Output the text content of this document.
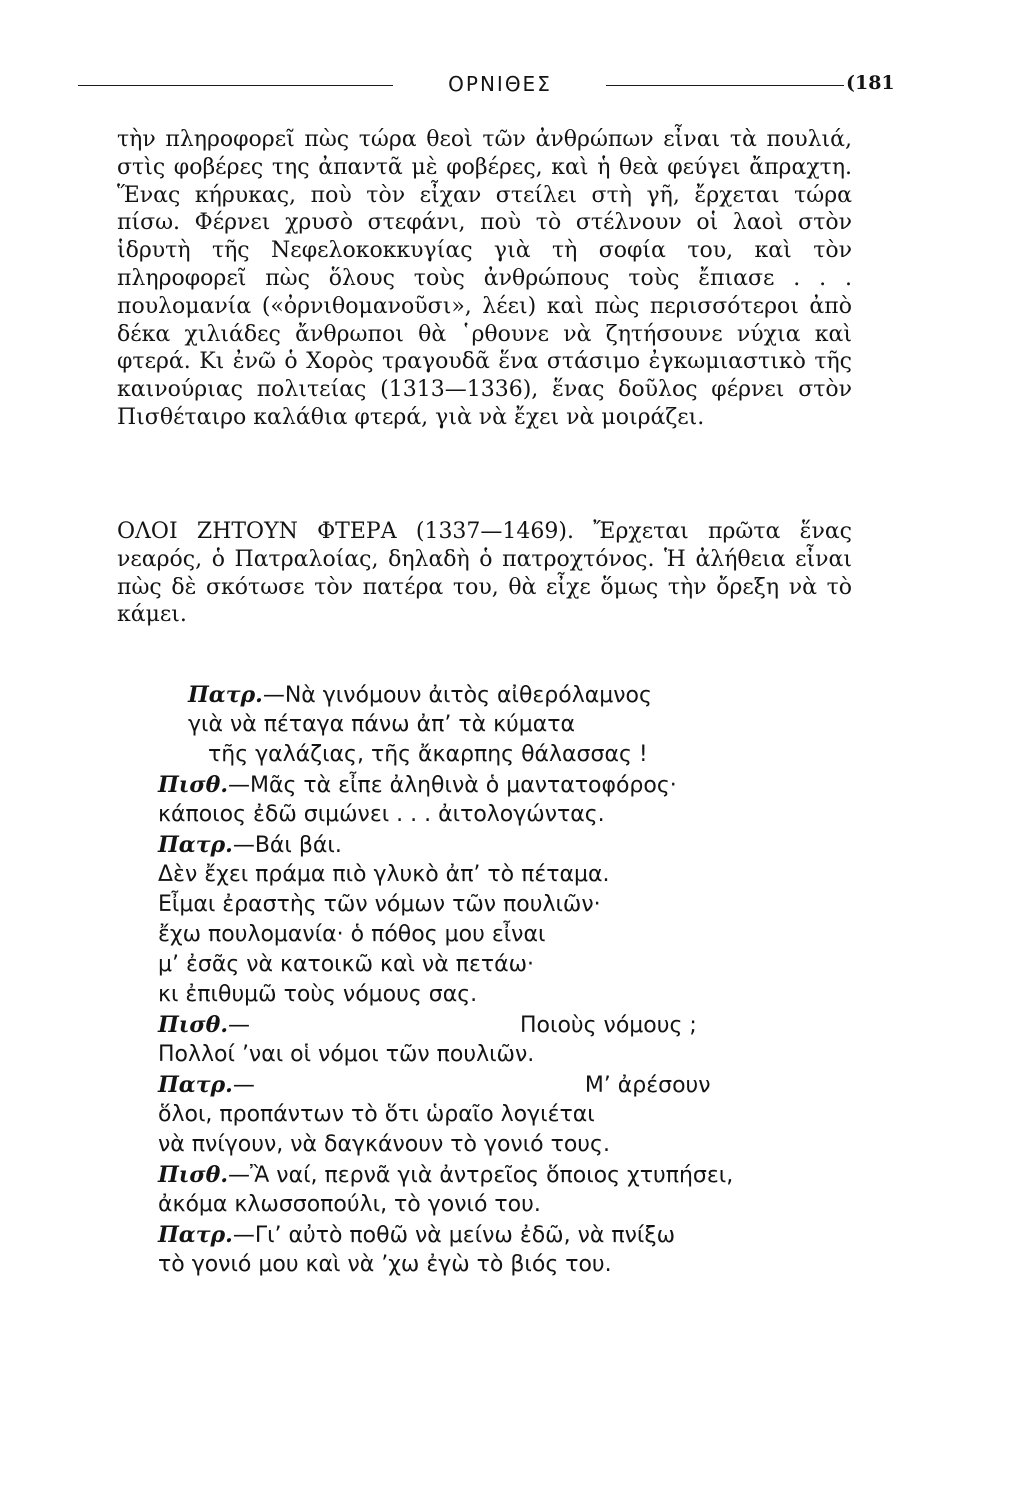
ΟΡΝΙΘΕΣ	(181

τὴν πληροφορεῖ πὼς τώρα θεοὶ τῶν ἀνθρώπων εἶναι τὰ πουλιά, στὶς φοβέρες της ἀπαντᾶ μὲ φοβέρες, καὶ ἡ θεὰ φεύγει ἄπραχτη. Ἕνας κήρυκας, ποὺ τὸν εἶχαν στείλει στὴ γῆ, ἔρχεται τώρα πίσω. Φέρνει χρυσὸ στεφάνι, ποὺ τὸ στέλνουν οἱ λαοὶ στὸν ἱδρυτὴ τῆς Νεφελοκοκκυγίας γιὰ τὴ σοφία του, καὶ τὸν πληροφορεῖ πὼς ὅλους τοὺς ἀνθρώπους τοὺς ἔπιασε . . . πουλομανία («ὀρνιθομανοῦσι», λέει) καὶ πὼς περισσότεροι ἀπὸ δέκα χιλιάδες ἄνθρωποι θὰ ῾ρθουνε νὰ ζητήσουνε νύχια καὶ φτερά. Κι ἐνῶ ὁ Χορὸς τραγουδᾶ ἕνα στάσιμο ἐγκωμιαστικὸ τῆς καινούριας πολιτείας (1313—1336), ἕνας δοῦλος φέρνει στὸν Πισθέταιρο καλάθια φτερά, γιὰ νὰ ἔχει νὰ μοιράζει.

ΟΛΟΙ ΖΗΤΟΥΝ ΦΤΕΡΑ (1337—1469). Ἔρχεται πρῶτα ἕνας νεαρός, ὁ Πατραλοίας, δηλαδὴ ὁ πατροχτόνος. Ἡ ἀλήθεια εἶναι πὼς δὲ σκότωσε τὸν πατέρα του, θὰ εἶχε ὅμως τὴν ὄρεξη νὰ τὸ κάμει.

Πατρ.—Νὰ γινόμουν ἀιτὸς αἰθερόλαμνος
γιὰ νὰ πέταγα πάνω ἀπ’ τὰ κύματα
τῆς γαλάζιας, τῆς ἄκαρπης θάλασσας !
Πισθ.—Μᾶς τὰ εἶπε ἀληθινὰ ὁ μαντατοφόρος·
κάποιος ἐδῶ σιμώνει . . . ἀιτολογώντας.
Πατρ.—Βάι βάι.
Δὲν ἔχει πράμα πιὸ γλυκὸ ἀπ’ τὸ πέταμα.
Εἶμαι ἐραστὴς τῶν νόμων τῶν πουλιῶν·
ἔχω πουλομανία· ὁ πόθος μου εἶναι
μ’ ἐσᾶς νὰ κατοικῶ καὶ νὰ πετάω·
κι ἐπιθυμῶ τοὺς νόμους σας.
Πισθ.—	Ποιοὺς νόμους ;
Πολλοί ’ναι οἱ νόμοι τῶν πουλιῶν.
Πατρ.—	Μ’ ἀρέσουν
ὅλοι, προπάντων τὸ ὅτι ὡραῖο λογιέται
νὰ πνίγουν, νὰ δαγκάνουν τὸ γονιό τους.
Πισθ.—Ἂ ναί, περνᾶ γιὰ ἀντρεῖος ὅποιος χτυπήσει,
ἀκόμα κλωσσοπούλι, τὸ γονιό του.
Πατρ.—Γι’ αὐτὸ ποθῶ νὰ μείνω ἐδῶ, νὰ πνίξω
τὸ γονιό μου καὶ νὰ ’χω ἐγὼ τὸ βιός του.
